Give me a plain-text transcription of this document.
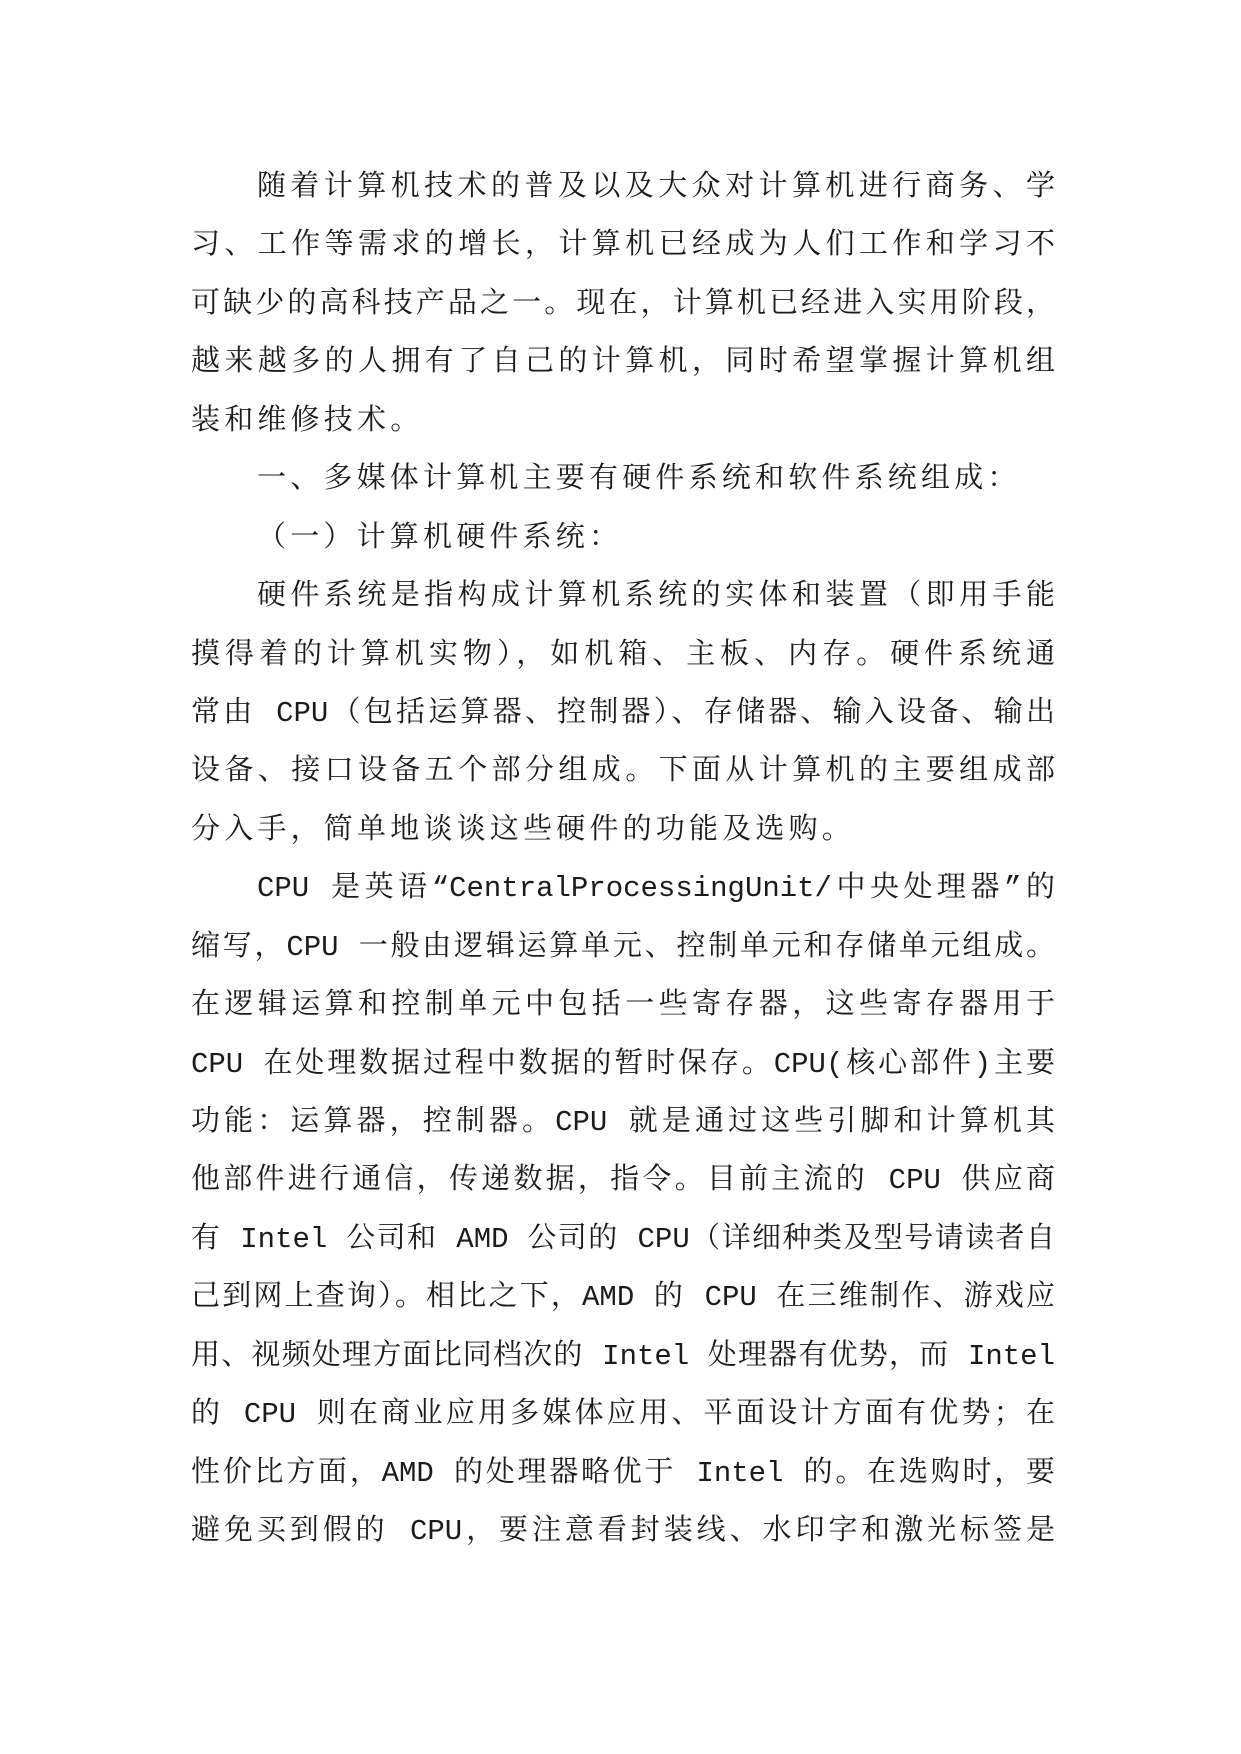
随着计算机技术的普及以及大众对计算机进行商务、学
习、工作等需求的增长，计算机已经成为人们工作和学习不
可缺少的高科技产品之一。现在，计算机已经进入实用阶段，
越来越多的人拥有了自己的计算机，同时希望掌握计算机组
装和维修技术。
一、多媒体计算机主要有硬件系统和软件系统组成：
（一）计算机硬件系统：
硬件系统是指构成计算机系统的实体和装置（即用手能
摸得着的计算机实物），如机箱、主板、内存。硬件系统通
常由 CPU（包括运算器、控制器）、存储器、输入设备、输出
设备、接口设备五个部分组成。下面从计算机的主要组成部
分入手，简单地谈谈这些硬件的功能及选购。
CPU 是英语“CentralProcessingUnit/中央处理器”的
缩写，CPU 一般由逻辑运算单元、控制单元和存储单元组成。
在逻辑运算和控制单元中包括一些寄存器，这些寄存器用于
CPU 在处理数据过程中数据的暂时保存。CPU(核心部件)主要
功能：运算器，控制器。CPU 就是通过这些引脚和计算机其
他部件进行通信，传递数据，指令。目前主流的 CPU 供应商
有 Intel 公司和 AMD 公司的 CPU（详细种类及型号请读者自
己到网上查询）。相比之下，AMD 的 CPU 在三维制作、游戏应
用、视频处理方面比同档次的 Intel 处理器有优势，而 Intel
的 CPU 则在商业应用多媒体应用、平面设计方面有优势；在
性价比方面，AMD 的处理器略优于 Intel 的。在选购时，要
避免买到假的 CPU，要注意看封装线、水印字和激光标签是
